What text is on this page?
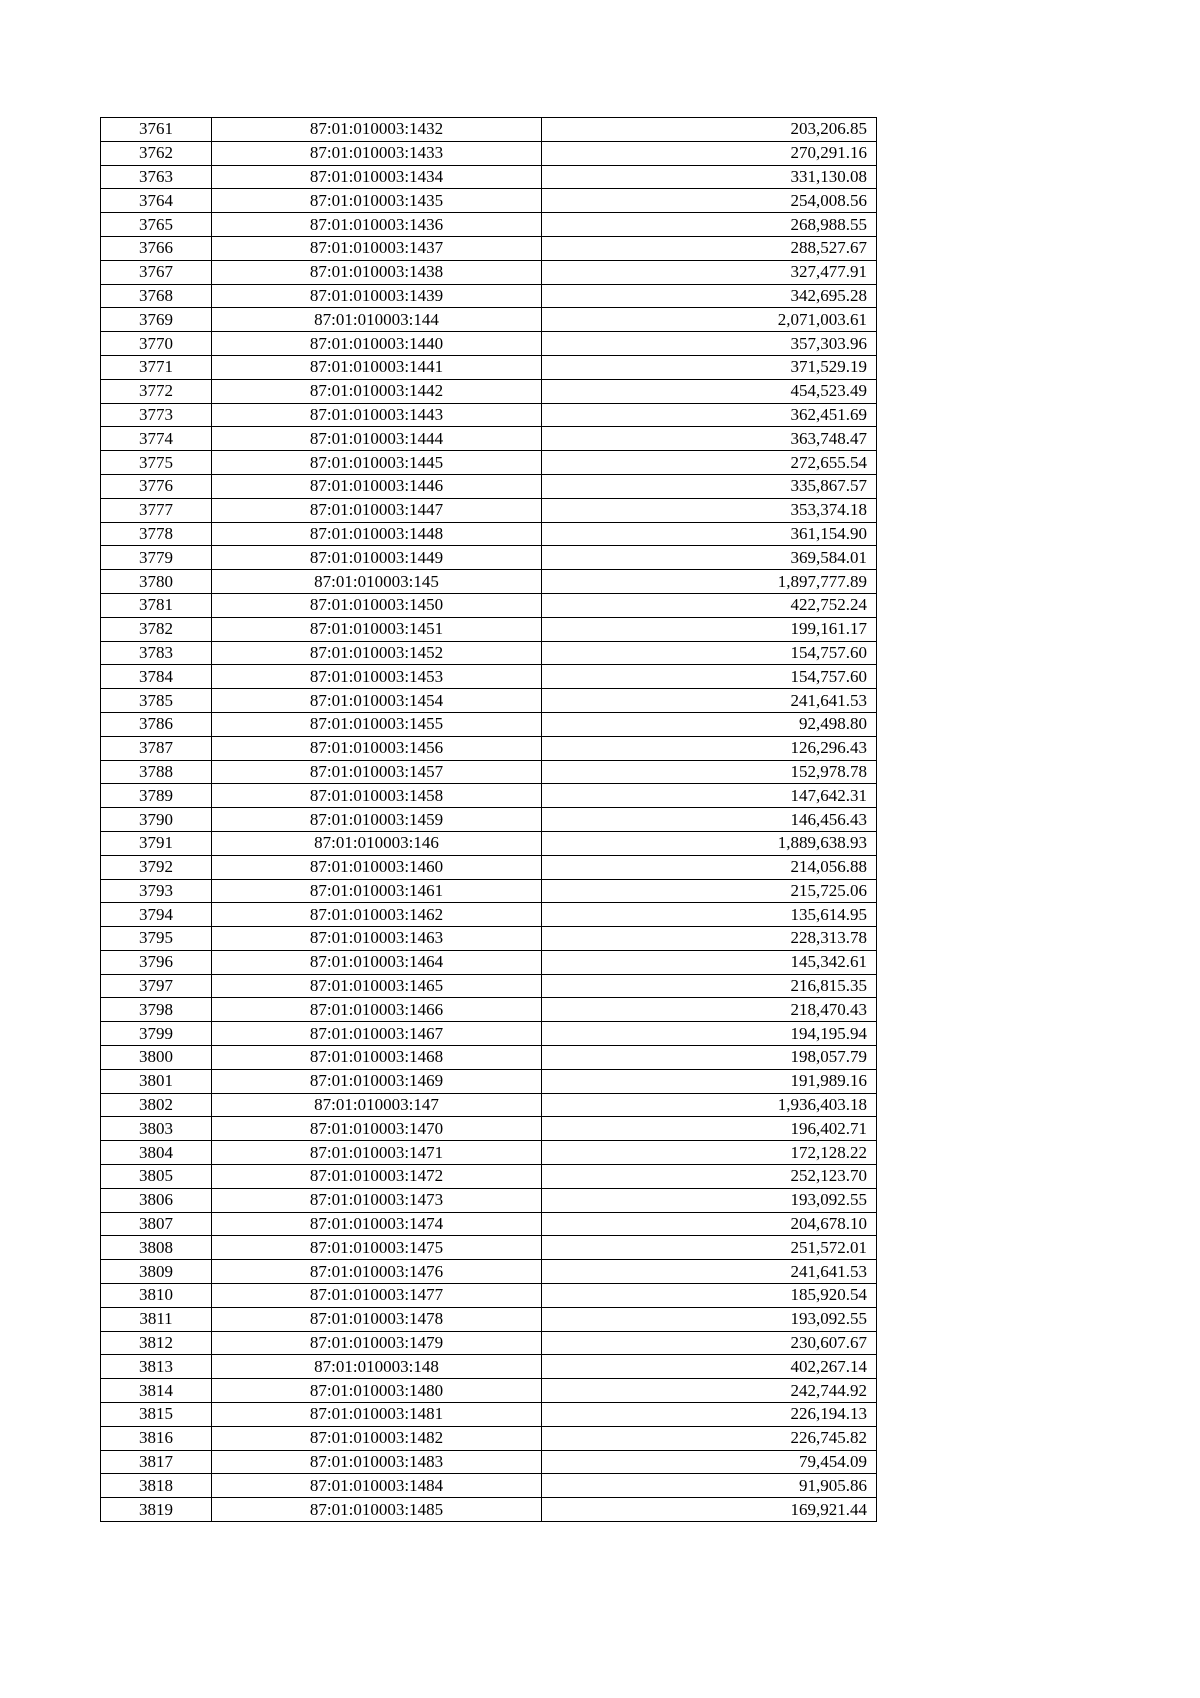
3761	87:01:010003:1432	203,206.85
3762	87:01:010003:1433	270,291.16
3763	87:01:010003:1434	331,130.08
3764	87:01:010003:1435	254,008.56
3765	87:01:010003:1436	268,988.55
3766	87:01:010003:1437	288,527.67
3767	87:01:010003:1438	327,477.91
3768	87:01:010003:1439	342,695.28
3769	87:01:010003:144	2,071,003.61
3770	87:01:010003:1440	357,303.96
3771	87:01:010003:1441	371,529.19
3772	87:01:010003:1442	454,523.49
3773	87:01:010003:1443	362,451.69
3774	87:01:010003:1444	363,748.47
3775	87:01:010003:1445	272,655.54
3776	87:01:010003:1446	335,867.57
3777	87:01:010003:1447	353,374.18
3778	87:01:010003:1448	361,154.90
3779	87:01:010003:1449	369,584.01
3780	87:01:010003:145	1,897,777.89
3781	87:01:010003:1450	422,752.24
3782	87:01:010003:1451	199,161.17
3783	87:01:010003:1452	154,757.60
3784	87:01:010003:1453	154,757.60
3785	87:01:010003:1454	241,641.53
3786	87:01:010003:1455	92,498.80
3787	87:01:010003:1456	126,296.43
3788	87:01:010003:1457	152,978.78
3789	87:01:010003:1458	147,642.31
3790	87:01:010003:1459	146,456.43
3791	87:01:010003:146	1,889,638.93
3792	87:01:010003:1460	214,056.88
3793	87:01:010003:1461	215,725.06
3794	87:01:010003:1462	135,614.95
3795	87:01:010003:1463	228,313.78
3796	87:01:010003:1464	145,342.61
3797	87:01:010003:1465	216,815.35
3798	87:01:010003:1466	218,470.43
3799	87:01:010003:1467	194,195.94
3800	87:01:010003:1468	198,057.79
3801	87:01:010003:1469	191,989.16
3802	87:01:010003:147	1,936,403.18
3803	87:01:010003:1470	196,402.71
3804	87:01:010003:1471	172,128.22
3805	87:01:010003:1472	252,123.70
3806	87:01:010003:1473	193,092.55
3807	87:01:010003:1474	204,678.10
3808	87:01:010003:1475	251,572.01
3809	87:01:010003:1476	241,641.53
3810	87:01:010003:1477	185,920.54
3811	87:01:010003:1478	193,092.55
3812	87:01:010003:1479	230,607.67
3813	87:01:010003:148	402,267.14
3814	87:01:010003:1480	242,744.92
3815	87:01:010003:1481	226,194.13
3816	87:01:010003:1482	226,745.82
3817	87:01:010003:1483	79,454.09
3818	87:01:010003:1484	91,905.86
3819	87:01:010003:1485	169,921.44
